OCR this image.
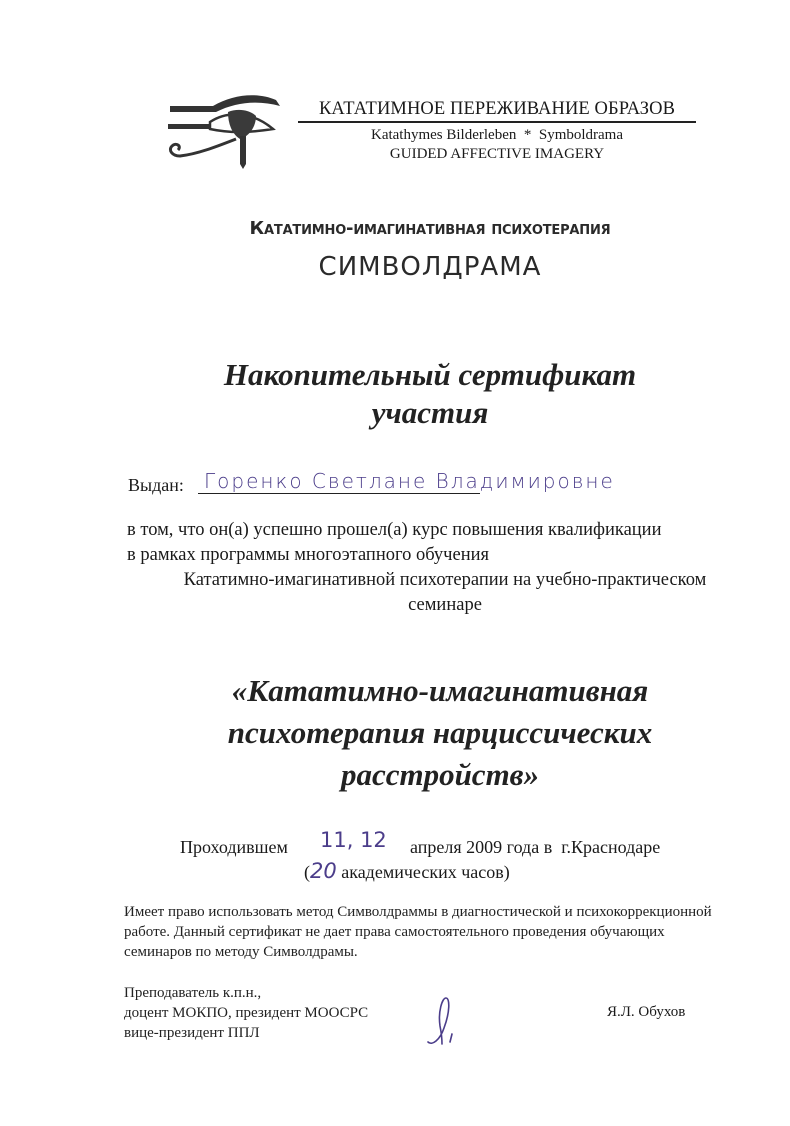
КАТАТИМНОЕ ПЕРЕЖИВАНИЕ ОБРАЗОВ
Katathymes Bilderleben  *  Symboldrama
GUIDED AFFECTIVE IMAGERY
Кататимно-имагинативная психотерапия
СИМВОЛДРАМА
Накопительный сертификат
участия
Выдан: Горенко Светлане Владимировне
в том, что он(а) успешно прошел(а) курс повышения квалификации
в рамках программы многоэтапного обучения
Кататимно-имагинативной психотерапии на учебно-практическом
семинаре
«Кататимно-имагинативная
психотерапия нарциссических
расстройств»
Проходившем 11, 12 апреля 2009 года в  г.Краснодаре
(20 академических часов)
Имеет право использовать метод Символдраммы в диагностической и психокоррекционной работе. Данный сертификат не дает права самостоятельного проведения обучающих семинаров по методу Символдрамы.
Преподаватель к.п.н.,
доцент МОКПО, президент МООСРС
вице-президент ППЛ
Я.Л. Обухов
